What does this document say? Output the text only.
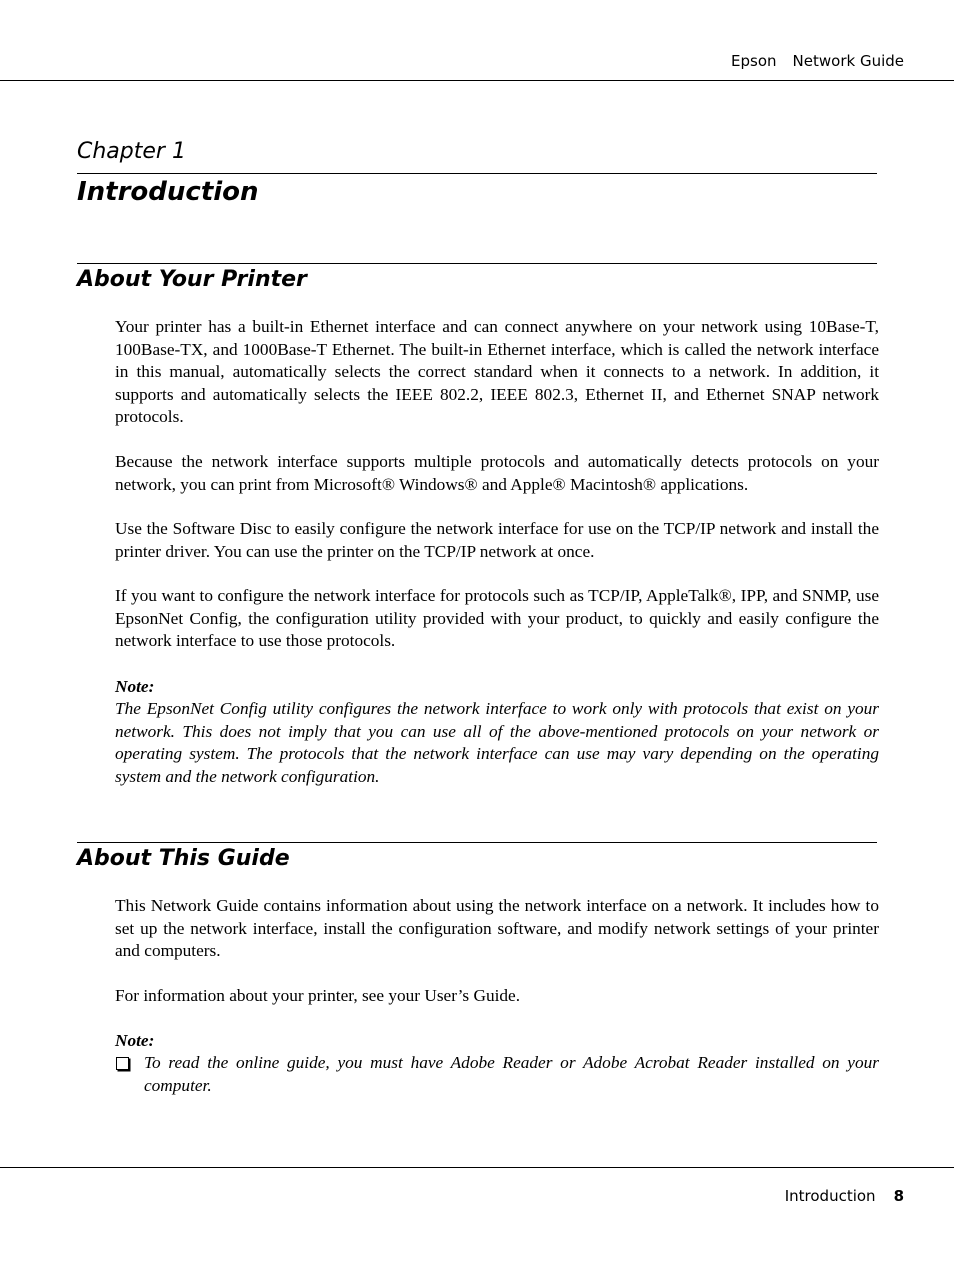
Epson Network Guide
Chapter 1
Introduction
About Your Printer

Your printer has a built-in Ethernet interface and can connect anywhere on your network using 10Base-T, 100Base-TX, and 1000Base-T Ethernet. The built-in Ethernet interface, which is called the network interface in this manual, automatically selects the correct standard when it connects to a network. In addition, it supports and automatically selects the IEEE 802.2, IEEE 802.3, Ethernet II, and Ethernet SNAP network protocols.

Because the network interface supports multiple protocols and automatically detects protocols on your network, you can print from Microsoft® Windows® and Apple® Macintosh® applications.

Use the Software Disc to easily configure the network interface for use on the TCP/IP network and install the printer driver. You can use the printer on the TCP/IP network at once.

If you want to configure the network interface for protocols such as TCP/IP, AppleTalk®, IPP, and SNMP, use EpsonNet Config, the configuration utility provided with your product, to quickly and easily configure the network interface to use those protocols.

Note:

The EpsonNet Config utility configures the network interface to work only with protocols that exist on your network. This does not imply that you can use all of the above-mentioned protocols on your network or operating system. The protocols that the network interface can use may vary depending on the operating system and the network configuration.

About This Guide

This Network Guide contains information about using the network interface on a network. It includes how to set up the network interface, install the configuration software, and modify network settings of your printer and computers.

For information about your printer, see your User’s Guide.

Note:

To read the online guide, you must have Adobe Reader or Adobe Acrobat Reader installed on your computer.

Introduction 8
